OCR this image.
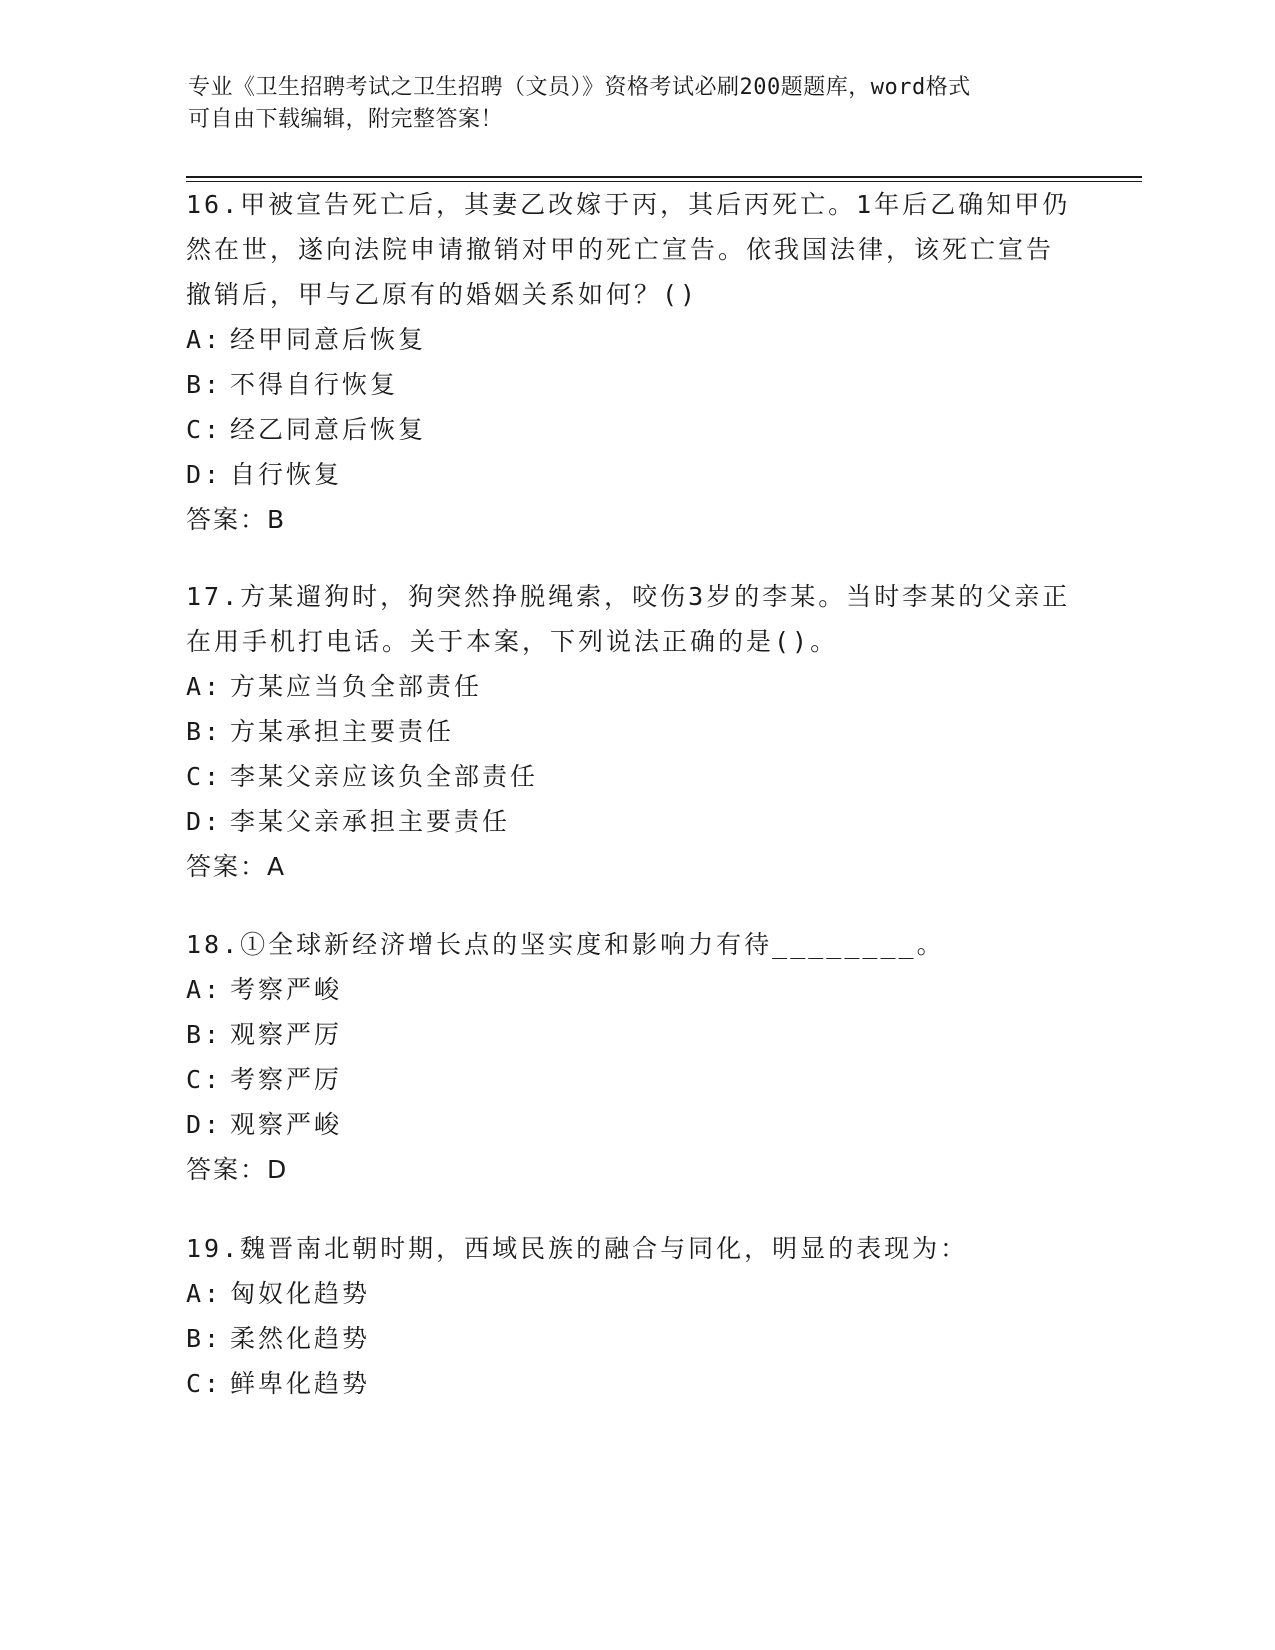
专业《卫生招聘考试之卫生招聘（文员）》资格考试必刷200题题库，word格式
可自由下载编辑，附完整答案！
16.甲被宣告死亡后，其妻乙改嫁于丙，其后丙死亡。1年后乙确知甲仍然在世，遂向法院申请撤销对甲的死亡宣告。依我国法律，该死亡宣告撤销后，甲与乙原有的婚姻关系如何？()
A: 经甲同意后恢复
B: 不得自行恢复
C: 经乙同意后恢复
D: 自行恢复
答案：B
17.方某遛狗时，狗突然挣脱绳索，咬伤3岁的李某。当时李某的父亲正在用手机打电话。关于本案，下列说法正确的是()。
A: 方某应当负全部责任
B: 方某承担主要责任
C: 李某父亲应该负全部责任
D: 李某父亲承担主要责任
答案：A
18.①全球新经济增长点的坚实度和影响力有待________。
A: 考察严峻
B: 观察严厉
C: 考察严厉
D: 观察严峻
答案：D
19.魏晋南北朝时期，西域民族的融合与同化，明显的表现为：
A: 匈奴化趋势
B: 柔然化趋势
C: 鲜卑化趋势
